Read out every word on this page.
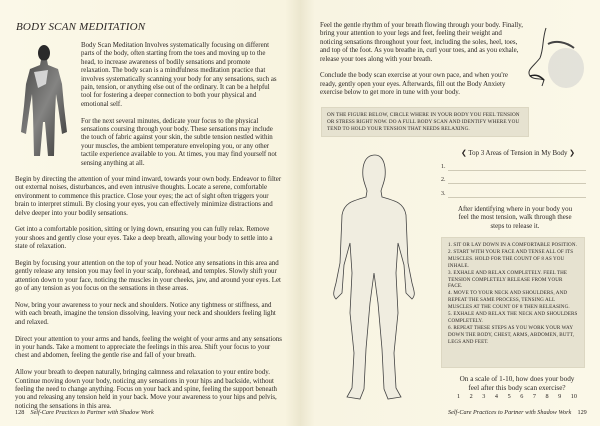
BODY SCAN MEDITATION

Body Scan Meditation Involves systematically focusing on different parts of the body, often starting from the toes and moving up to the head, to increase awareness of bodily sensations and promote relaxation. The body scan is a mindfulness meditation practice that involves systematically scanning your body for any sensations, such as pain, tension, or anything else out of the ordinary. It can be a helpful tool for fostering a deeper connection to both your physical and emotional self.

For the next several minutes, dedicate your focus to the physical sensations coursing through your body. These sensations may include the touch of fabric against your skin, the subtle tension nestled within your muscles, the ambient temperature enveloping you, or any other tactile experience available to you. At times, you may find yourself not sensing anything at all.

Begin by directing the attention of your mind inward, towards your own body. Endeavor to filter out external noises, disturbances, and even intrusive thoughts. Locate a serene, comfortable environment to commence this practice. Close your eyes; the act of sight often triggers your brain to interpret stimuli. By closing your eyes, you can effectively minimize distractions and delve deeper into your bodily sensations.

Get into a comfortable position, sitting or lying down, ensuring you can fully relax. Remove your shoes and gently close your eyes. Take a deep breath, allowing your body to settle into a state of relaxation.

Begin by focusing your attention on the top of your head. Notice any sensations in this area and gently release any tension you may feel in your scalp, forehead, and temples. Slowly shift your attention down to your face, noticing the muscles in your cheeks, jaw, and around your eyes. Let go of any tension as you focus on the sensations in these areas.

Now, bring your awareness to your neck and shoulders. Notice any tightness or stiffness, and with each breath, imagine the tension dissolving, leaving your neck and shoulders feeling light and relaxed.

Direct your attention to your arms and hands, feeling the weight of your arms and any sensations in your hands. Take a moment to appreciate the feelings in this area. Shift your focus to your chest and abdomen, feeling the gentle rise and fall of your breath.

Allow your breath to deepen naturally, bringing calmness and relaxation to your entire body. Continue moving down your body, noticing any sensations in your hips and backside, without feeling the need to change anything. Focus on your back and spine, feeling the support beneath you and releasing any tension held in your back. Move your awareness to your hips and pelvis, noticing the sensations in this area.

128 Self-Care Practices to Partner with Shadow Work

Feel the gentle rhythm of your breath flowing through your body. Finally, bring your attention to your legs and feet, feeling their weight and noticing sensations throughout your feet, including the soles, heel, toes, and top of the foot. As you breathe in, curl your toes, and as you exhale, release your toes along with your breath.

Conclude the body scan exercise at your own pace, and when you're ready, gently open your eyes. Afterwards, fill out the Body Anxiety exercise below to get more in tune with your body.

ON THE FIGURE BELOW, CIRCLE WHERE IN YOUR BODY YOU FEEL TENSION OR STRESS RIGHT NOW. DO A FULL BODY SCAN AND IDENTIFY WHERE YOU TEND TO HOLD YOUR TENSION THAT NEEDS RELAXING.
❮ Top 3 Areas of Tension in My Body ❯
1.
2.
3.
After identifying where in your body you feel the most tension, walk through these steps to release it.
1. SIT OR LAY DOWN IN A COMFORTABLE POSITION.
2. START WITH YOUR FACE AND TENSE ALL OF ITS MUSCLES. HOLD FOR THE COUNT OF 8 AS YOU INHALE.
3. EXHALE AND RELAX COMPLETELY. FEEL THE TENSION COMPLETELY RELEASE FROM YOUR FACE.
4. MOVE TO YOUR NECK AND SHOULDERS, AND REPEAT THE SAME PROCESS, TENSING ALL MUSCLES AT THE COUNT OF 8 THEN RELEASING.
5. EXHALE AND RELAX THE NECK AND SHOULDERS COMPLETELY.
6. REPEAT THESE STEPS AS YOU WORK YOUR WAY DOWN THE BODY, CHEST, ARMS, ABDOMEN, BUTT, LEGS AND FEET.
On a scale of 1-10, how does your body feel after this body scan exercise?
1 2 3 4 5 6 7 8 9 10
Self-Care Practices to Partner with Shadow Work 129
